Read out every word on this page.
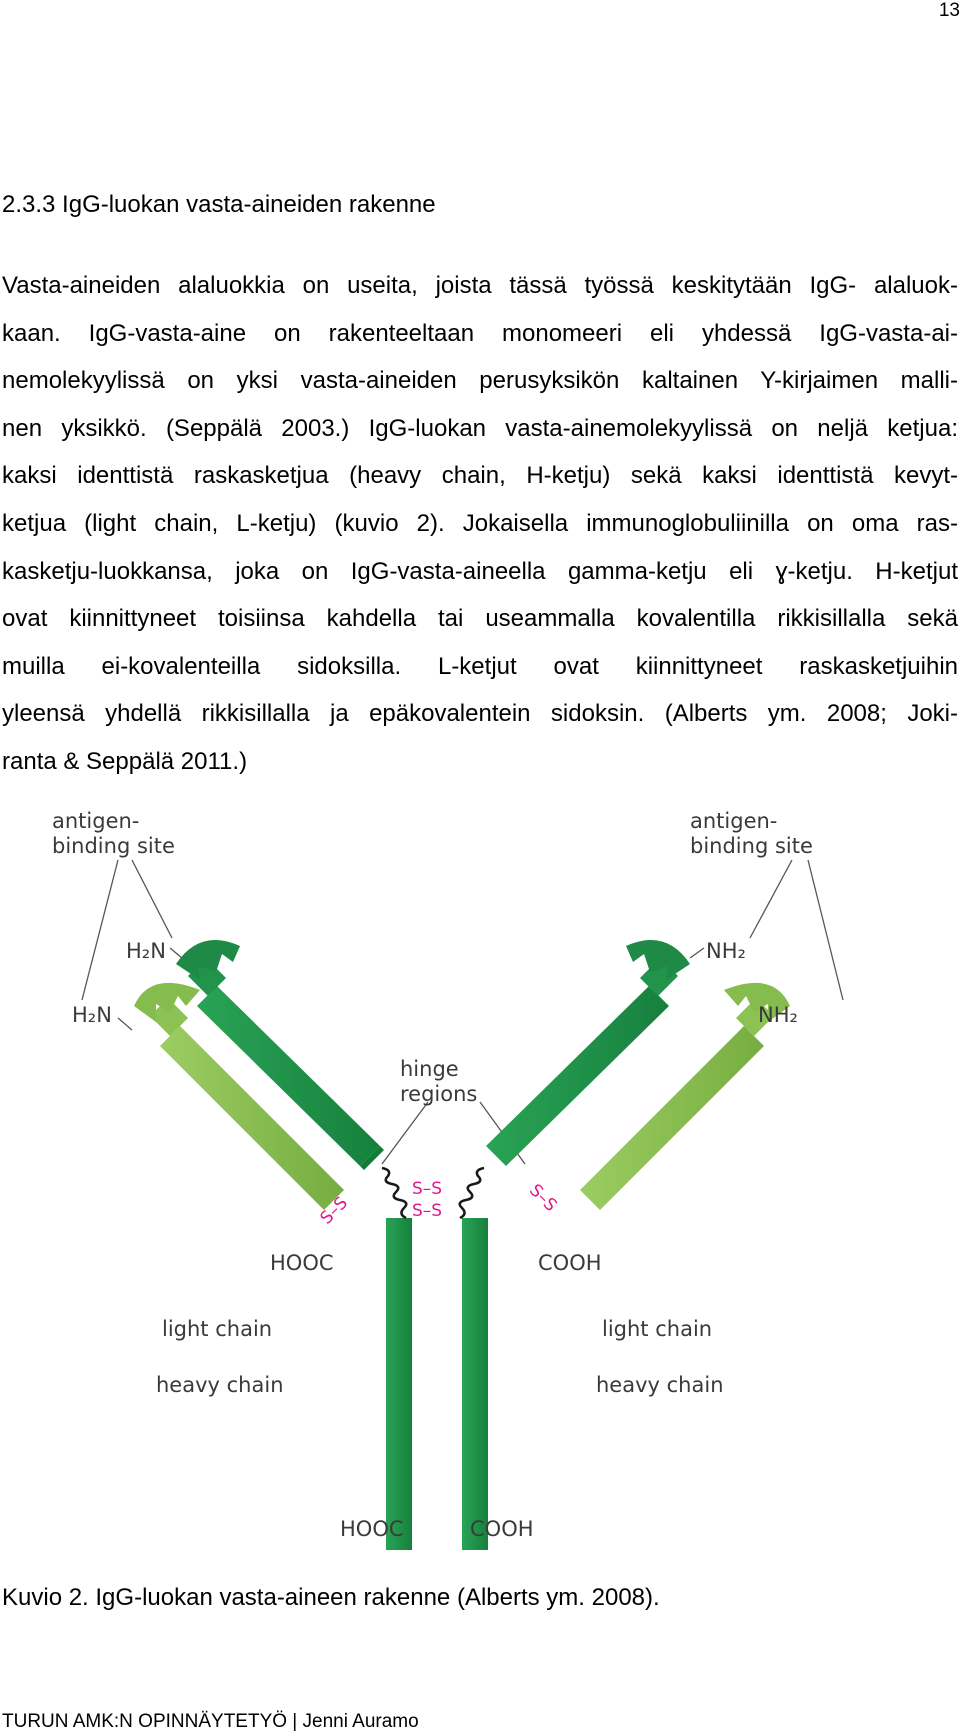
13
2.3.3 IgG-luokan vasta-aineiden rakenne
Vasta-aineiden alaluokkia on useita, joista tässä työssä keskitytään IgG- alaluok-
kaan. IgG-vasta-aine on rakenteeltaan monomeeri eli yhdessä IgG-vasta-ai-
nemolekyylissä on yksi vasta-aineiden perusyksikön kaltainen Y-kirjaimen malli-
nen yksikkö. (Seppälä 2003.) IgG-luokan vasta-ainemolekyylissä on neljä ketjua:
kaksi identtistä raskasketjua (heavy chain, H-ketju) sekä kaksi identtistä kevyt-
ketjua (light chain, L-ketju) (kuvio 2). Jokaisella immunoglobuliinilla on oma ras-
kasketju-luokkansa, joka on IgG-vasta-aineella gamma-ketju eli ɣ-ketju. H-ketjut
ovat kiinnittyneet toisiinsa kahdella tai useammalla kovalentilla rikkisillalla sekä
muilla ei-kovalenteilla sidoksilla. L-ketjut ovat kiinnittyneet raskasketjuihin
yleensä yhdellä rikkisillalla ja epäkovalentein sidoksin. (Alberts ym. 2008; Joki-
ranta & Seppälä 2011.)
S–S
S–S
S–S	S–S
antigen-
binding site
antigen-
binding site
H₂N
H₂N
NH₂
NH₂
hinge
regions
HOOC	COOH
light chain	light chain
heavy chain	heavy chain
HOOC	COOH
Kuvio 2. IgG-luokan vasta-aineen rakenne (Alberts ym. 2008).
TURUN AMK:N OPINNÄYTETYÖ | Jenni Auramo
